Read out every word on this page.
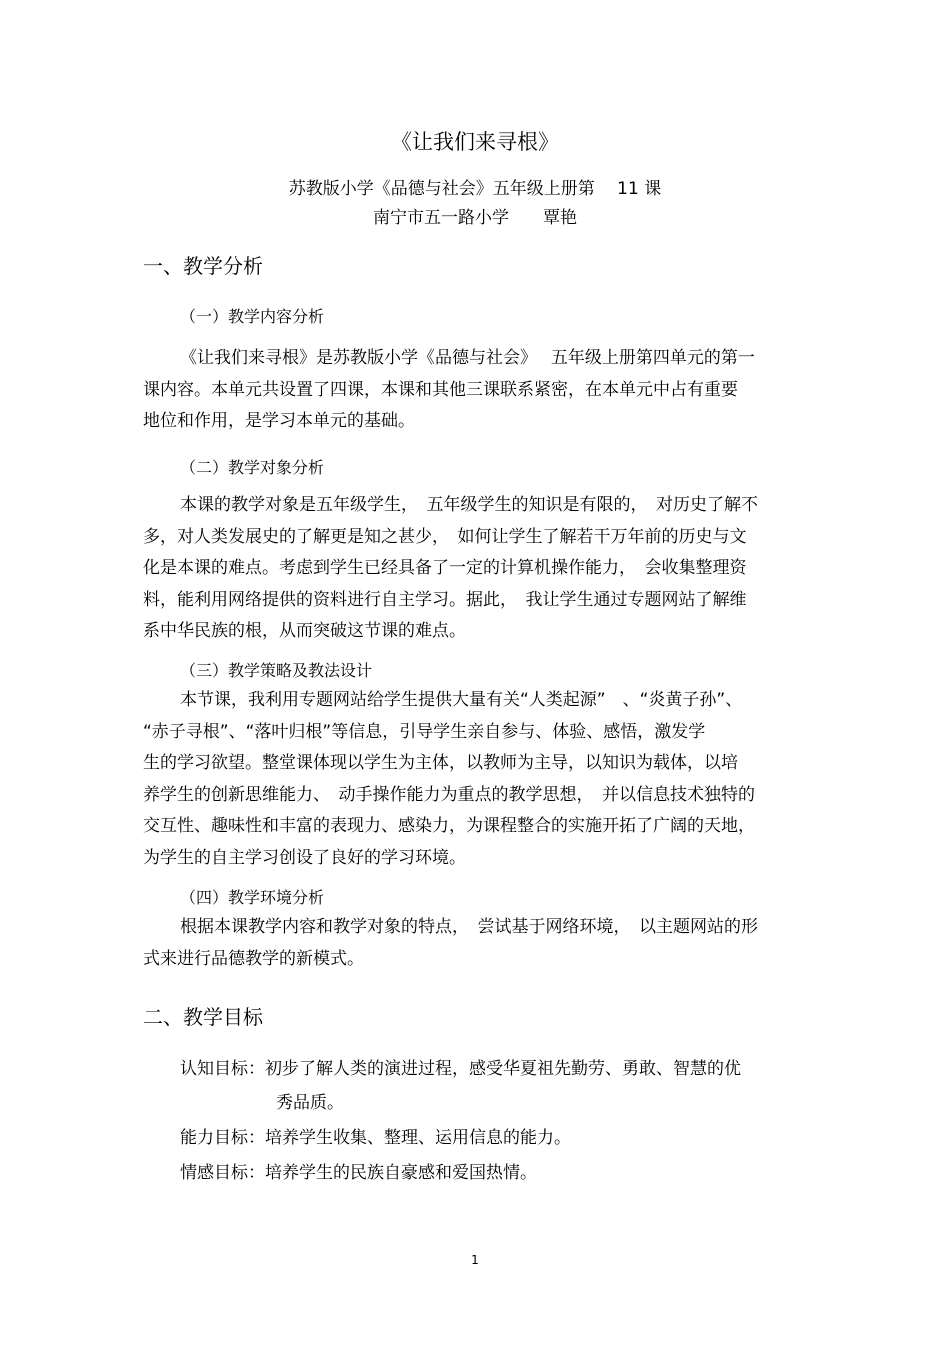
《让我们来寻根》
苏教版小学《品德与社会》五年级上册第　 11 课
南宁市五一路小学　　覃艳
一、教学分析
（一）教学内容分析

《让我们来寻根》是苏教版小学《品德与社会》　 五年级上册第四单元的第一

课内容。本单元共设置了四课，本课和其他三课联系紧密，在本单元中占有重要

地位和作用，是学习本单元的基础。

（二）教学对象分析

本课的教学对象是五年级学生，　五年级学生的知识是有限的，　对历史了解不

多，对人类发展史的了解更是知之甚少，　如何让学生了解若干万年前的历史与文

化是本课的难点。考虑到学生已经具备了一定的计算机操作能力，　会收集整理资

料，能利用网络提供的资料进行自主学习。据此，　我让学生通过专题网站了解维

系中华民族的根，从而突破这节课的难点。

（三）教学策略及教法设计

本节课，我利用专题网站给学生提供大量有关“人类起源”　、“炎黄子孙”、

“赤子寻根”、“落叶归根”等信息，引导学生亲自参与、体验、感悟，激发学

生的学习欲望。整堂课体现以学生为主体，以教师为主导，以知识为载体，以培

养学生的创新思维能力、　动手操作能力为重点的教学思想，　并以信息技术独特的

交互性、趣味性和丰富的表现力、感染力，为课程整合的实施开拓了广阔的天地，

为学生的自主学习创设了良好的学习环境。

（四）教学环境分析

根据本课教学内容和教学对象的特点，　尝试基于网络环境，　以主题网站的形

式来进行品德教学的新模式。

二、教学目标
认知目标：初步了解人类的演进过程，感受华夏祖先勤劳、勇敢、智慧的优
秀品质。
能力目标：培养学生收集、整理、运用信息的能力。
情感目标：培养学生的民族自豪感和爱国热情。
1
